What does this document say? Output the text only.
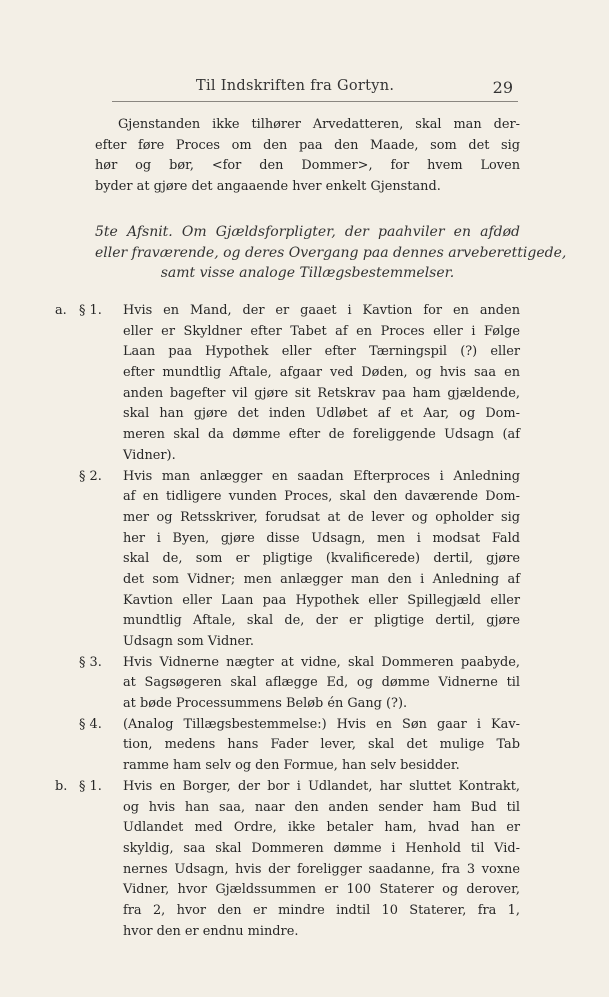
Til Indskriften fra Gortyn.	29
Gjenstanden ikke tilhører Arvedatteren, skal man der-
efter føre Proces om den paa den Maade, som det sig
hør og bør, <for den Dommer>, for hvem Loven
byder at gjøre det angaaende hver enkelt Gjenstand.
5te Afsnit. Om Gjældsforpligter, der paahviler en afdød
eller fraværende, og deres Overgang paa dennes arveberettigede,
samt visse analoge Tillægsbestemmelser.
a. § 1. Hvis en Mand, der er gaaet i Kavtion for en anden
eller er Skyldner efter Tabet af en Proces eller i Følge
Laan paa Hypothek eller efter Tærningspil (?) eller
efter mundtlig Aftale, afgaar ved Døden, og hvis saa en
anden bagefter vil gjøre sit Retskrav paa ham gjældende,
skal han gjøre det inden Udløbet af et Aar, og Dom-
meren skal da dømme efter de foreliggende Udsagn (af
Vidner).
§ 2. Hvis man anlægger en saadan Efterproces i Anledning
af en tidligere vunden Proces, skal den daværende Dom-
mer og Retsskriver, forudsat at de lever og opholder sig
her i Byen, gjøre disse Udsagn, men i modsat Fald
skal de, som er pligtige (kvalificerede) dertil, gjøre
det som Vidner; men anlægger man den i Anledning af
Kavtion eller Laan paa Hypothek eller Spillegjæld eller
mundtlig Aftale, skal de, der er pligtige dertil, gjøre
Udsagn som Vidner.
§ 3. Hvis Vidnerne nægter at vidne, skal Dommeren paabyde,
at Sagsøgeren skal aflægge Ed, og dømme Vidnerne til
at bøde Processummens Beløb én Gang (?).
§ 4. (Analog Tillægsbestemmelse:) Hvis en Søn gaar i Kav-
tion, medens hans Fader lever, skal det mulige Tab
ramme ham selv og den Formue, han selv besidder.
b. § 1. Hvis en Borger, der bor i Udlandet, har sluttet Kontrakt,
og hvis han saa, naar den anden sender ham Bud til
Udlandet med Ordre, ikke betaler ham, hvad han er
skyldig, saa skal Dommeren dømme i Henhold til Vid-
nernes Udsagn, hvis der foreligger saadanne, fra 3 voxne
Vidner, hvor Gjældssummen er 100 Staterer og derover,
fra 2, hvor den er mindre indtil 10 Staterer, fra 1,
hvor den er endnu mindre.
